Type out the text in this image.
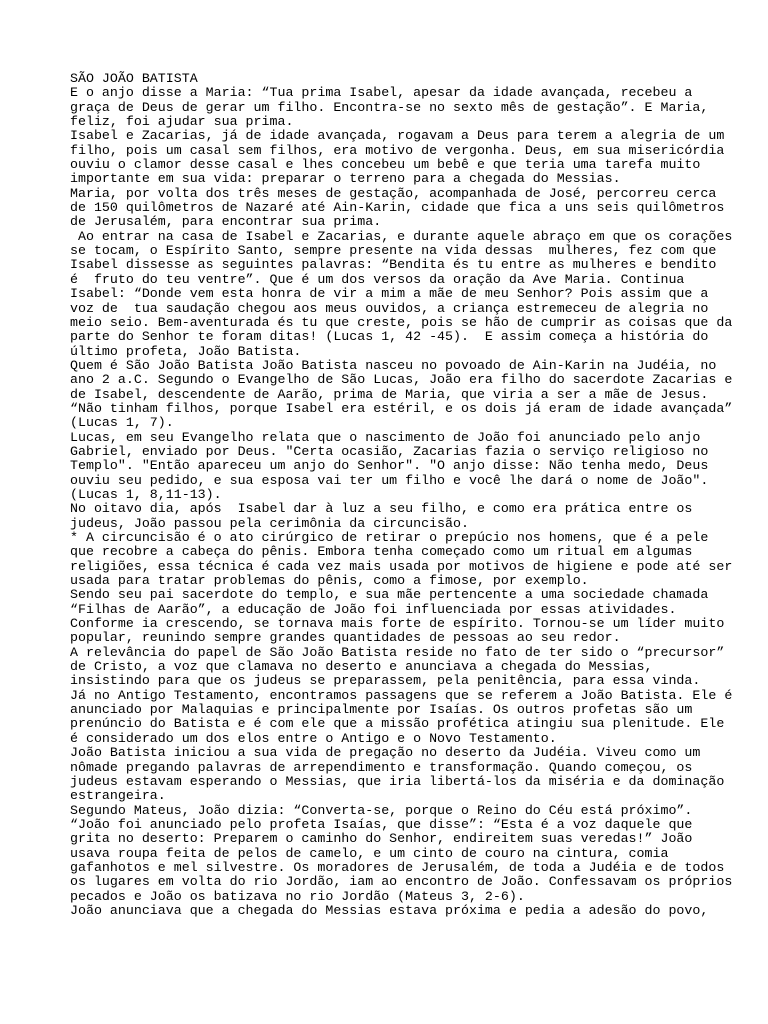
SÃO JOÃO BATISTA
E o anjo disse a Maria: “Tua prima Isabel, apesar da idade avançada, recebeu a
graça de Deus de gerar um filho. Encontra-se no sexto mês de gestação”. E Maria,
feliz, foi ajudar sua prima.
Isabel e Zacarias, já de idade avançada, rogavam a Deus para terem a alegria de um
filho, pois um casal sem filhos, era motivo de vergonha. Deus, em sua misericórdia
ouviu o clamor desse casal e lhes concebeu um bebê e que teria uma tarefa muito
importante em sua vida: preparar o terreno para a chegada do Messias.
Maria, por volta dos três meses de gestação, acompanhada de José, percorreu cerca
de 150 quilômetros de Nazaré até Ain-Karin, cidade que fica a uns seis quilômetros
de Jerusalém, para encontrar sua prima.
Ao entrar na casa de Isabel e Zacarias, e durante aquele abraço em que os corações
se tocam, o Espírito Santo, sempre presente na vida dessas  mulheres, fez com que
Isabel dissesse as seguintes palavras: “Bendita és tu entre as mulheres e bendito
é  fruto do teu ventre”. Que é um dos versos da oração da Ave Maria. Continua
Isabel: “Donde vem esta honra de vir a mim a mãe de meu Senhor? Pois assim que a
voz de  tua saudação chegou aos meus ouvidos, a criança estremeceu de alegria no
meio seio. Bem-aventurada és tu que creste, pois se hão de cumprir as coisas que da
parte do Senhor te foram ditas! (Lucas 1, 42 -45).  E assim começa a história do
último profeta, João Batista.
Quem é São João Batista João Batista nasceu no povoado de Ain-Karin na Judéia, no
ano 2 a.C. Segundo o Evangelho de São Lucas, João era filho do sacerdote Zacarias e
de Isabel, descendente de Aarão, prima de Maria, que viria a ser a mãe de Jesus.
“Não tinham filhos, porque Isabel era estéril, e os dois já eram de idade avançada”
(Lucas 1, 7).
Lucas, em seu Evangelho relata que o nascimento de João foi anunciado pelo anjo
Gabriel, enviado por Deus. "Certa ocasião, Zacarias fazia o serviço religioso no
Templo". "Então apareceu um anjo do Senhor". "O anjo disse: Não tenha medo, Deus
ouviu seu pedido, e sua esposa vai ter um filho e você lhe dará o nome de João".
(Lucas 1, 8,11-13).
No oitavo dia, após  Isabel dar à luz a seu filho, e como era prática entre os
judeus, João passou pela cerimônia da circuncisão.
* A circuncisão é o ato cirúrgico de retirar o prepúcio nos homens, que é a pele
que recobre a cabeça do pênis. Embora tenha começado como um ritual em algumas
religiões, essa técnica é cada vez mais usada por motivos de higiene e pode até ser
usada para tratar problemas do pênis, como a fimose, por exemplo.
Sendo seu pai sacerdote do templo, e sua mãe pertencente a uma sociedade chamada
“Filhas de Aarão”, a educação de João foi influenciada por essas atividades.
Conforme ia crescendo, se tornava mais forte de espírito. Tornou-se um líder muito
popular, reunindo sempre grandes quantidades de pessoas ao seu redor.
A relevância do papel de São João Batista reside no fato de ter sido o “precursor”
de Cristo, a voz que clamava no deserto e anunciava a chegada do Messias,
insistindo para que os judeus se preparassem, pela penitência, para essa vinda.
Já no Antigo Testamento, encontramos passagens que se referem a João Batista. Ele é
anunciado por Malaquias e principalmente por Isaías. Os outros profetas são um
prenúncio do Batista e é com ele que a missão profética atingiu sua plenitude. Ele
é considerado um dos elos entre o Antigo e o Novo Testamento.
João Batista iniciou a sua vida de pregação no deserto da Judéia. Viveu como um
nômade pregando palavras de arrependimento e transformação. Quando começou, os
judeus estavam esperando o Messias, que iria libertá-los da miséria e da dominação
estrangeira.
Segundo Mateus, João dizia: “Converta-se, porque o Reino do Céu está próximo”.
“João foi anunciado pelo profeta Isaías, que disse”: “Esta é a voz daquele que
grita no deserto: Preparem o caminho do Senhor, endireitem suas veredas!” João
usava roupa feita de pelos de camelo, e um cinto de couro na cintura, comia
gafanhotos e mel silvestre. Os moradores de Jerusalém, de toda a Judéia e de todos
os lugares em volta do rio Jordão, iam ao encontro de João. Confessavam os próprios
pecados e João os batizava no rio Jordão (Mateus 3, 2-6).
João anunciava que a chegada do Messias estava próxima e pedia a adesão do povo,
